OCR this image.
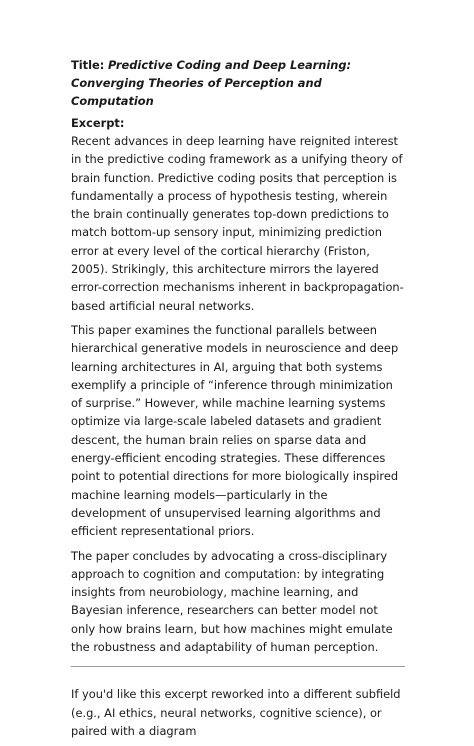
Title: Predictive Coding and Deep Learning: Converging Theories of Perception and Computation
Excerpt:

Recent advances in deep learning have reignited interest in the predictive coding framework as a unifying theory of brain function. Predictive coding posits that perception is fundamentally a process of hypothesis testing, wherein the brain continually generates top-down predictions to match bottom-up sensory input, minimizing prediction error at every level of the cortical hierarchy (Friston, 2005). Strikingly, this architecture mirrors the layered error-correction mechanisms inherent in backpropagation-based artificial neural networks.

This paper examines the functional parallels between hierarchical generative models in neuroscience and deep learning architectures in AI, arguing that both systems exemplify a principle of “inference through minimization of surprise.” However, while machine learning systems optimize via large-scale labeled datasets and gradient descent, the human brain relies on sparse data and energy-efficient encoding strategies. These differences point to potential directions for more biologically inspired machine learning models—particularly in the development of unsupervised learning algorithms and efficient representational priors.

The paper concludes by advocating a cross-disciplinary approach to cognition and computation: by integrating insights from neurobiology, machine learning, and Bayesian inference, researchers can better model not only how brains learn, but how machines might emulate the robustness and adaptability of human perception.

If you'd like this excerpt reworked into a different subfield (e.g., AI ethics, neural networks, cognitive science), or paired with a diagram
